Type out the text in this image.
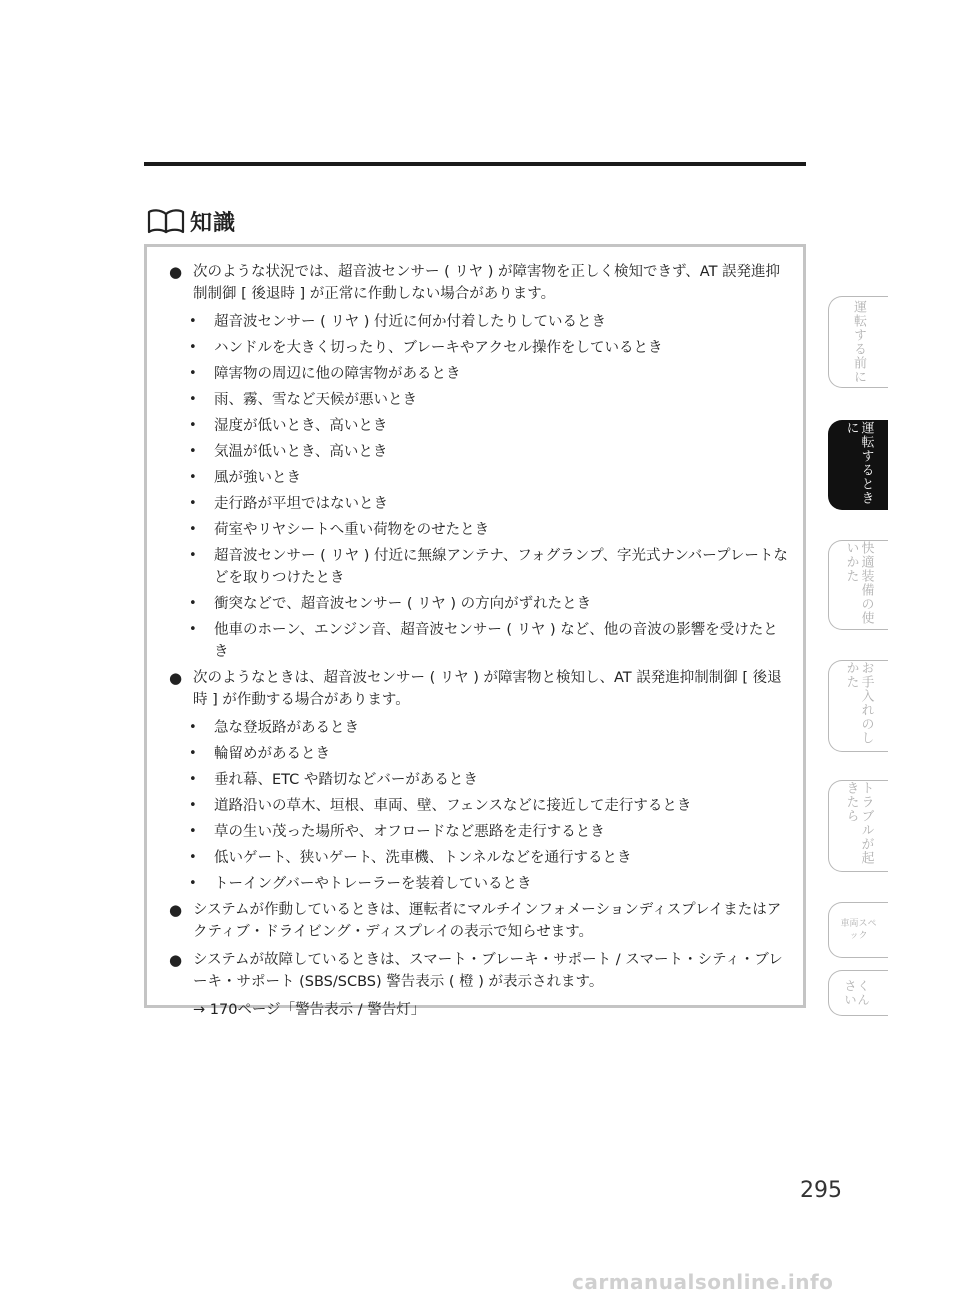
知識
● 次のような状況では、超音波センサー ( リヤ ) が障害物を正しく検知できず、AT 誤発進抑制制御 [ 後退時 ] が正常に作動しない場合があります。
• 超音波センサー ( リヤ ) 付近に何か付着したりしているとき
• ハンドルを大きく切ったり、ブレーキやアクセル操作をしているとき
• 障害物の周辺に他の障害物があるとき
• 雨、霧、雪など天候が悪いとき
• 湿度が低いとき、高いとき
• 気温が低いとき、高いとき
• 風が強いとき
• 走行路が平坦ではないとき
• 荷室やリヤシートへ重い荷物をのせたとき
• 超音波センサー ( リヤ ) 付近に無線アンテナ、フォグランプ、字光式ナンバープレートなどを取りつけたとき
• 衝突などで、超音波センサー ( リヤ ) の方向がずれたとき
• 他車のホーン、エンジン音、超音波センサー ( リヤ ) など、他の音波の影響を受けたとき
● 次のようなときは、超音波センサー ( リヤ ) が障害物と検知し、AT 誤発進抑制制御 [ 後退時 ] が作動する場合があります。
• 急な登坂路があるとき
• 輪留めがあるとき
• 垂れ幕、ETC や踏切などバーがあるとき
• 道路沿いの草木、垣根、車両、壁、フェンスなどに接近して走行するとき
• 草の生い茂った場所や、オフロードなど悪路を走行するとき
• 低いゲート、狭いゲート、洗車機、トンネルなどを通行するとき
• トーイングバーやトレーラーを装着しているとき
● システムが作動しているときは、運転者にマルチインフォメーションディスプレイまたはアクティブ・ドライビング・ディスプレイの表示で知らせます。
● システムが故障しているときは、スマート・ブレーキ・サポート / スマート・シティ・ブレーキ・サポート (SBS/SCBS) 警告表示 ( 橙 ) が表示されます。
→ 170ページ「警告表示 / 警告灯」
運転する前に
運転するときに
快適装備の使いかた
お手入れのしかた
トラブルが起きたら
車両スペック
さくいん
295
carmanualsonline.info
